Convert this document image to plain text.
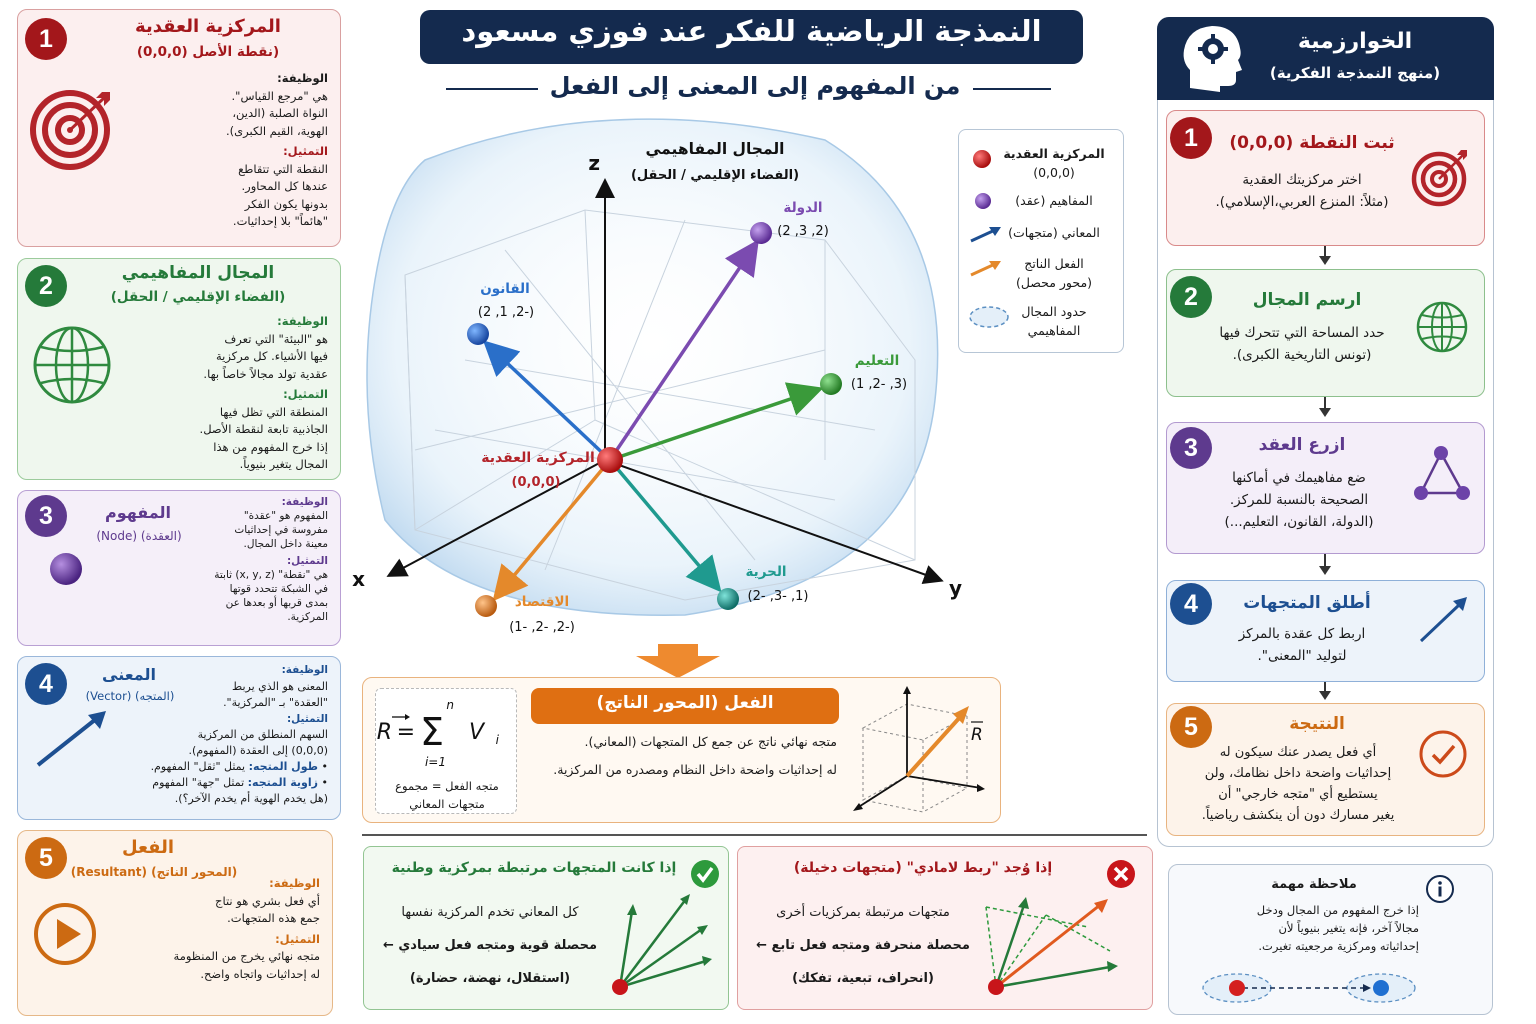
النمذجة الرياضية للفكر عند فوزي مسعود
من المفهوم إلى المعنى إلى الفعل
1	المركزية العقدية
(نقطة الأصل (0,0,0)
الوظيفة:
هي "مرجع القياس".
النواة الصلبة (الدين،
الهوية، القيم الكبرى).
التمثيل:
النقطة التي تتقاطع
عندها كل المحاور.
بدونها يكون الفكر
"هائماً" بلا إحداثيات.
2	المجال المفاهيمي
(الفضاء الإقليمي / الحقل)
الوظيفة:
هو "البيئة" التي تعرف
فيها الأشياء. كل مركزية
عقدية تولد مجالاً خاصاً بها.
التمثيل:
المنطقة التي تظل فيها
الجاذبية تابعة لنقطة الأصل.
إذا خرج المفهوم من هذا
المجال يتغير بنيوياً.
3	المفهوم
(العقدة) (Node)
الوظيفة:
المفهوم هو "عقدة"
مفروسة في إحداثيات
معينة داخل المجال.
التمثيل:
هي "نقطة" (x, y, z) ثابتة
في الشبكة تتحدد قوتها
بمدى قربها أو بعدها عن
المركزية.
4	المعنى
(المتجه) (Vector)
الوظيفة:
المعنى هو الذي يربط
"العقدة" بـ "المركزية".
التمثيل:
السهم المنطلق من المركزية
(0,0,0) إلى العقدة (المفهوم).
• طول المتجه: يمثل "ثقل" المفهوم.
• زاوية المتجه: تمثل "جهة" المفهوم
(هل يخدم الهوية أم يخدم الآخر؟).
5	الفعل
(المحور الناتج) (Resultant)
الوظيفة:
أي فعل بشري هو نتاج
جمع هذه المتجهات.
التمثيل:
متجه نهائي يخرج من المنظومة
له إحداثيات واتجاه واضح.
z
x	y
المجال المفاهيمي
(الفضاء الإقليمي / الحقل)
المركزية العقدية
(0,0,0)
الدولة
(2, 3, 2)
القانون
(-2, 1, 2)
التعليم
(3, -2, 1)
الحرية
(1, -3, -2)
الاقتصاد
(-2, -2, -1)
المركزية العقدية
(0,0,0)
المفاهيم (عقد)
المعاني (متجهات)
الفعل الناتج
(محور محصل)
حدود المجال
المفاهيمي
R = Σ
n
i=1
V i
متجه الفعل = مجموع
متجهات المعاني
الفعل (المحور الناتج)
متجه نهائي ناتج عن جمع كل المتجهات (المعاني).
له إحداثيات واضحة داخل النظام ومصدره من المركزية.
R
إذا كانت المتجهات مرتبطة بمركزية وطنية
كل المعاني تخدم المركزية نفسها
محصلة قوية ومتجه فعل سيادي ←
(استقلال، نهضة، حضارة)
إذا وُجد "ربط لامادي" (متجهات دخيلة)
متجهات مرتبطة بمركزيات أخرى
محصلة منحرفة ومتجه فعل تابع ←
(انحراف، تبعية، تفكك)
الخوارزمية
(منهج النمذجة الفكرية)
1	ثبت النقطة (0,0,0)
اختر مركزيتك العقدية
(مثلاً: المنزع العربي،الإسلامي).
2	ارسم المجال
حدد المساحة التي تتحرك فيها
(تونس التاريخية الكبرى).
3	ازرع العقد
ضع مفاهيمك في أماكنها
الصحيحة بالنسبة للمركز.
(الدولة، القانون، التعليم...)
4	أطلق المتجهات
اربط كل عقدة بالمركز
لتوليد "المعنى".
5	النتيجة
أي فعل يصدر عنك سيكون له
إحداثيات واضحة داخل نظامك، ولن
يستطيع أي "متجه خارجي" أن
يغير مسارك دون أن ينكشف رياضياً.
ملاحظة مهمة
إذا خرج المفهوم من المجال ودخل
مجالاً آخر، فإنه يتغير بنيوياً لأن
إحداثياته ومركزية مرجعيته تغيرت.
